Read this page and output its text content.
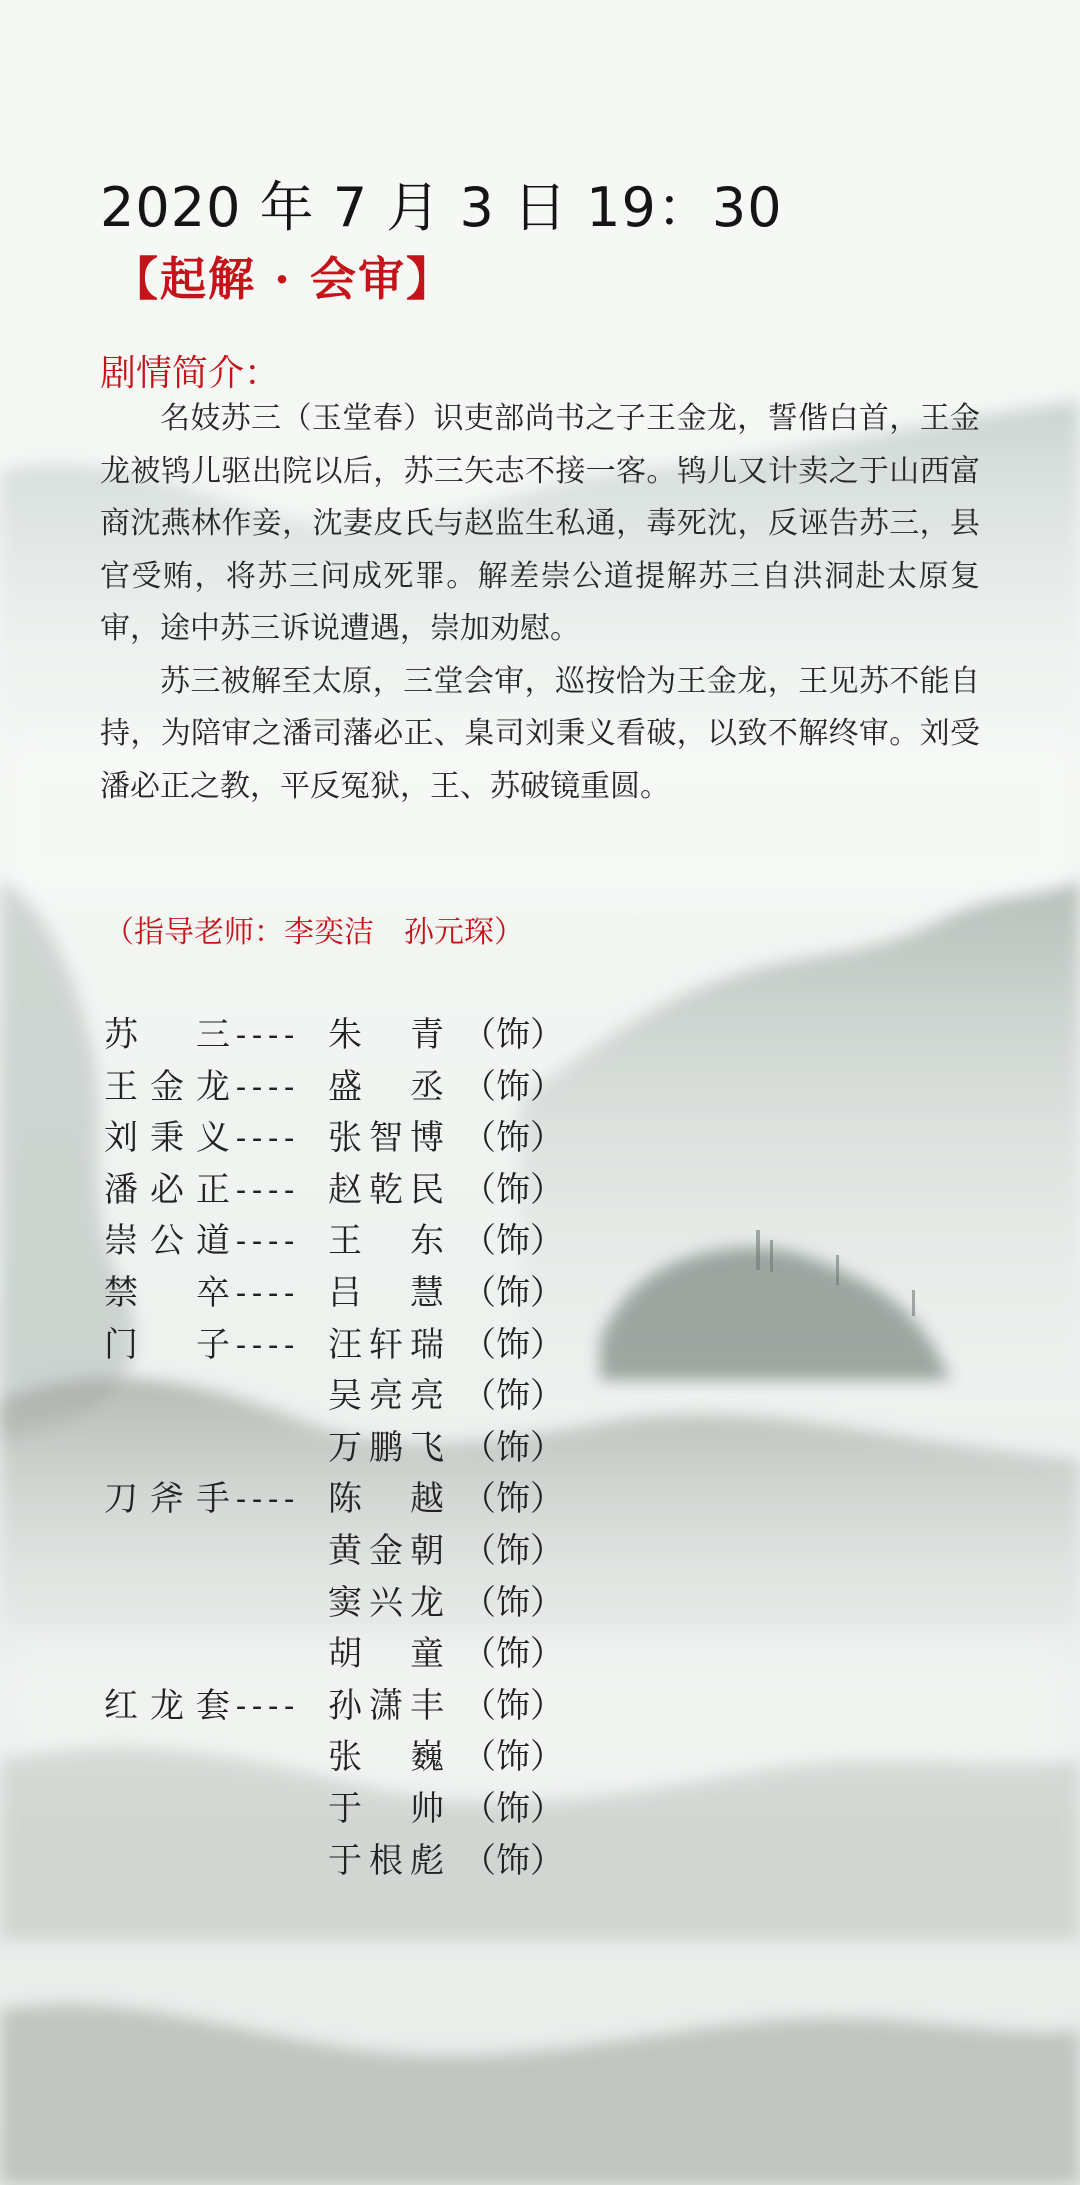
2020 年 7 月 3 日 19：30
【起解 · 会审】
剧情简介：

名妓苏三（玉堂春）识吏部尚书之子王金龙，誓偕白首，王金龙被鸨儿驱出院以后，苏三矢志不接一客。鸨儿又计卖之于山西富商沈燕林作妾，沈妻皮氏与赵监生私通，毒死沈，反诬告苏三，县官受贿，将苏三问成死罪。解差崇公道提解苏三自洪洞赴太原复审，途中苏三诉说遭遇，崇加劝慰。

苏三被解至太原，三堂会审，巡按恰为王金龙，王见苏不能自持，为陪审之潘司藩必正、臬司刘秉义看破，以致不解终审。刘受潘必正之教，平反冤狱，王、苏破镜重圆。

（指导老师：李奕洁　孙元琛）
苏三 ---- 朱青 （饰）
王金龙 ---- 盛丞 （饰）
刘秉义 ---- 张智博 （饰）
潘必正 ---- 赵乾民 （饰）
崇公道 ---- 王东 （饰）
禁卒 ---- 吕慧 （饰）
门子 ---- 汪轩瑞 （饰）
吴亮亮 （饰）
万鹏飞 （饰）
刀斧手 ---- 陈越 （饰）
黄金朝 （饰）
窦兴龙 （饰）
胡童 （饰）
红龙套 ---- 孙潇丰 （饰）
张巍 （饰）
于帅 （饰）
于根彪 （饰）
